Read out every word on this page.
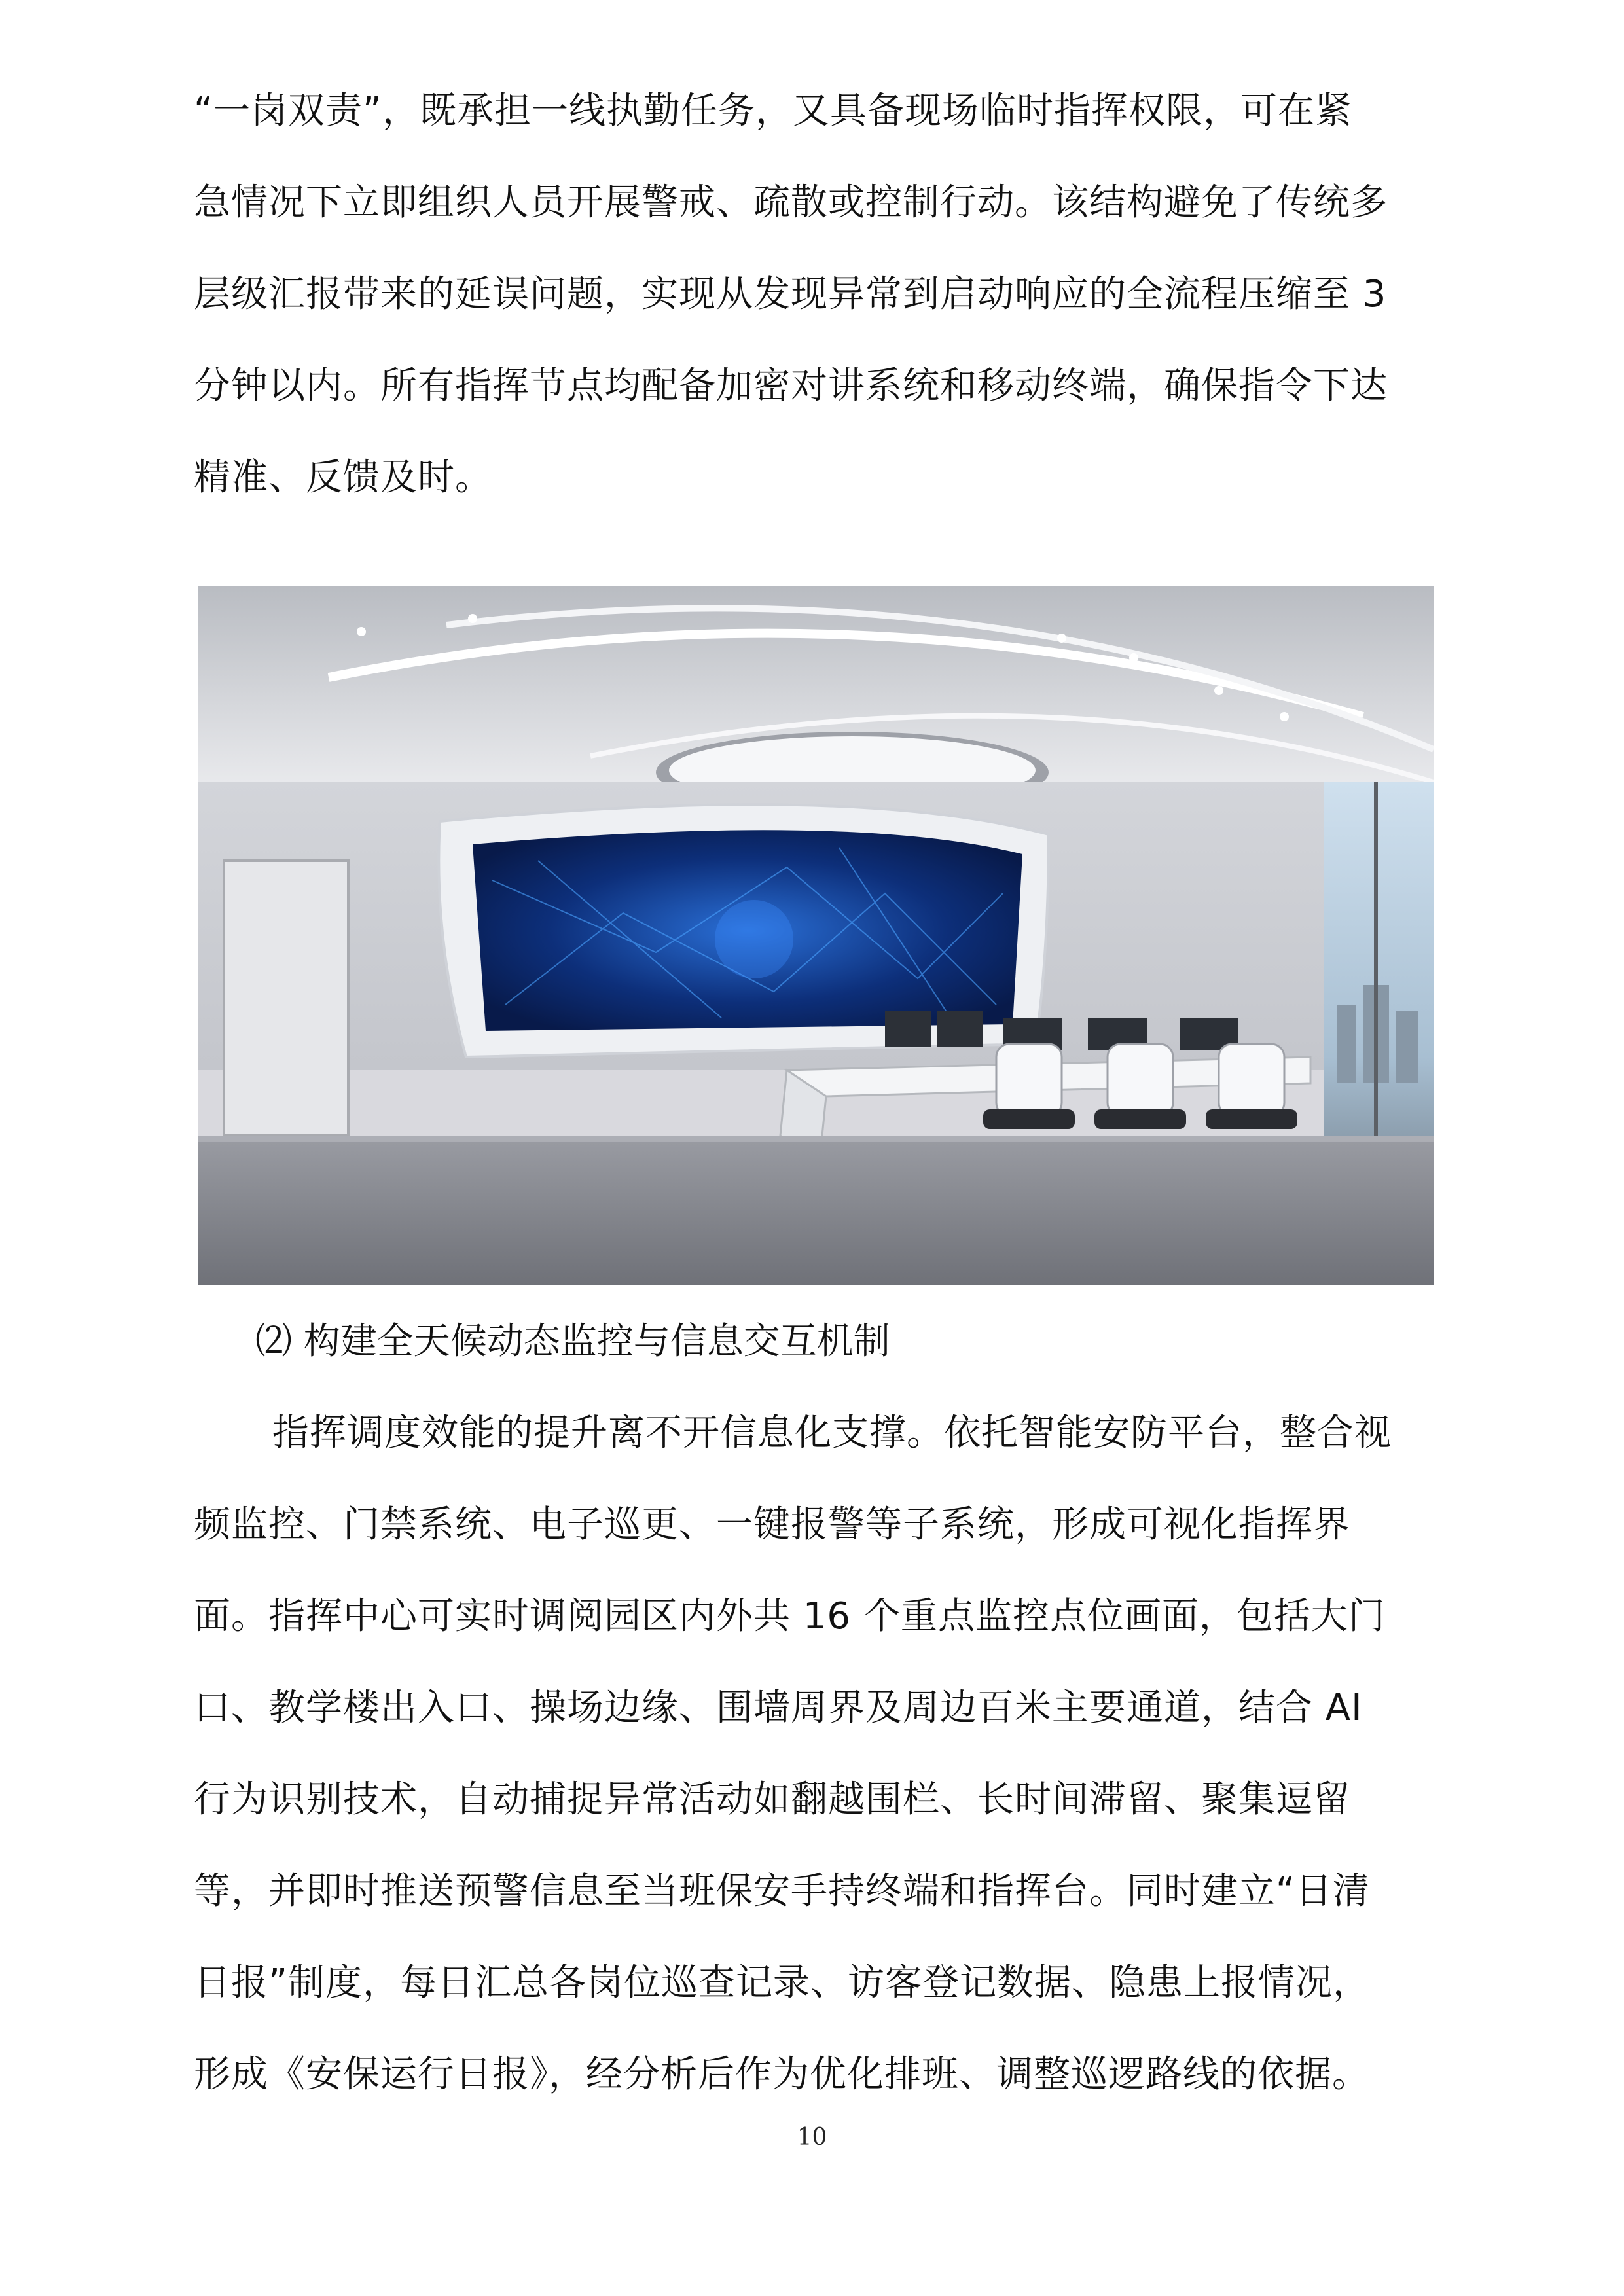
“一岗双责”，既承担一线执勤任务，又具备现场临时指挥权限，可在紧
急情况下立即组织人员开展警戒、疏散或控制行动。该结构避免了传统多
层级汇报带来的延误问题，实现从发现异常到启动响应的全流程压缩至 3
分钟以内。所有指挥节点均配备加密对讲系统和移动终端，确保指令下达
精准、反馈及时。
⑵ 构建全天候动态监控与信息交互机制
指挥调度效能的提升离不开信息化支撑。依托智能安防平台，整合视
频监控、门禁系统、电子巡更、一键报警等子系统，形成可视化指挥界
面。指挥中心可实时调阅园区内外共 16 个重点监控点位画面，包括大门
口、教学楼出入口、操场边缘、围墙周界及周边百米主要通道，结合 AI
行为识别技术，自动捕捉异常活动如翻越围栏、长时间滞留、聚集逗留
等，并即时推送预警信息至当班保安手持终端和指挥台。同时建立“日清
日报”制度，每日汇总各岗位巡查记录、访客登记数据、隐患上报情况，
形成《安保运行日报》，经分析后作为优化排班、调整巡逻路线的依据。
10
